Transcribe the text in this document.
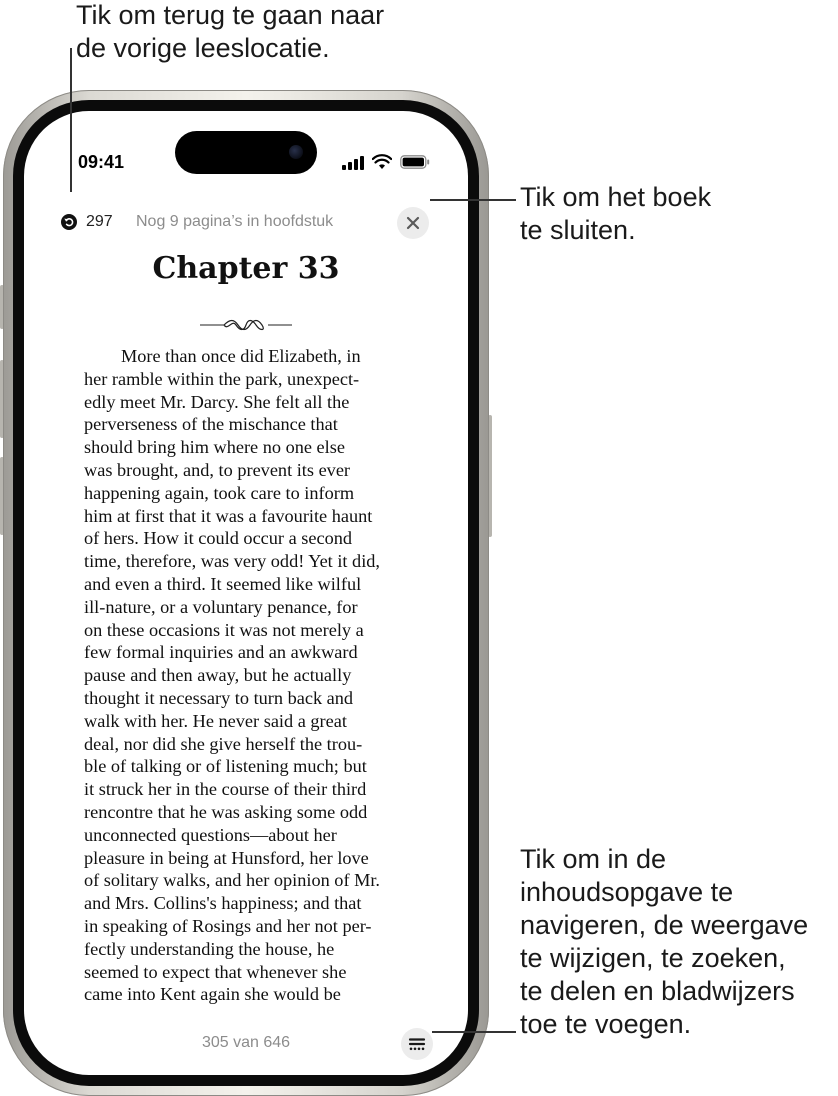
Tik om terug te gaan naar
de vorige leeslocatie.
Tik om het boek
te sluiten.
Tik om in de
inhoudsopgave te
navigeren, de weergave
te wijzigen, te zoeken,
te delen en bladwijzers
toe te voegen.
09:41
297 Nog 9 pagina’s in hoofdstuk
Chapter 33
More than once did Elizabeth, in
her ramble within the park, unexpect-
edly meet Mr. Darcy. She felt all the
perverseness of the mischance that
should bring him where no one else
was brought, and, to prevent its ever
happening again, took care to inform
him at first that it was a favourite haunt
of hers. How it could occur a second
time, therefore, was very odd! Yet it did,
and even a third. It seemed like wilful
ill-nature, or a voluntary penance, for
on these occasions it was not merely a
few formal inquiries and an awkward
pause and then away, but he actually
thought it necessary to turn back and
walk with her. He never said a great
deal, nor did she give herself the trou-
ble of talking or of listening much; but
it struck her in the course of their third
rencontre that he was asking some odd
unconnected questions—about her
pleasure in being at Hunsford, her love
of solitary walks, and her opinion of Mr.
and Mrs. Collins's happiness; and that
in speaking of Rosings and her not per-
fectly understanding the house, he
seemed to expect that whenever she
came into Kent again she would be
305 van 646
